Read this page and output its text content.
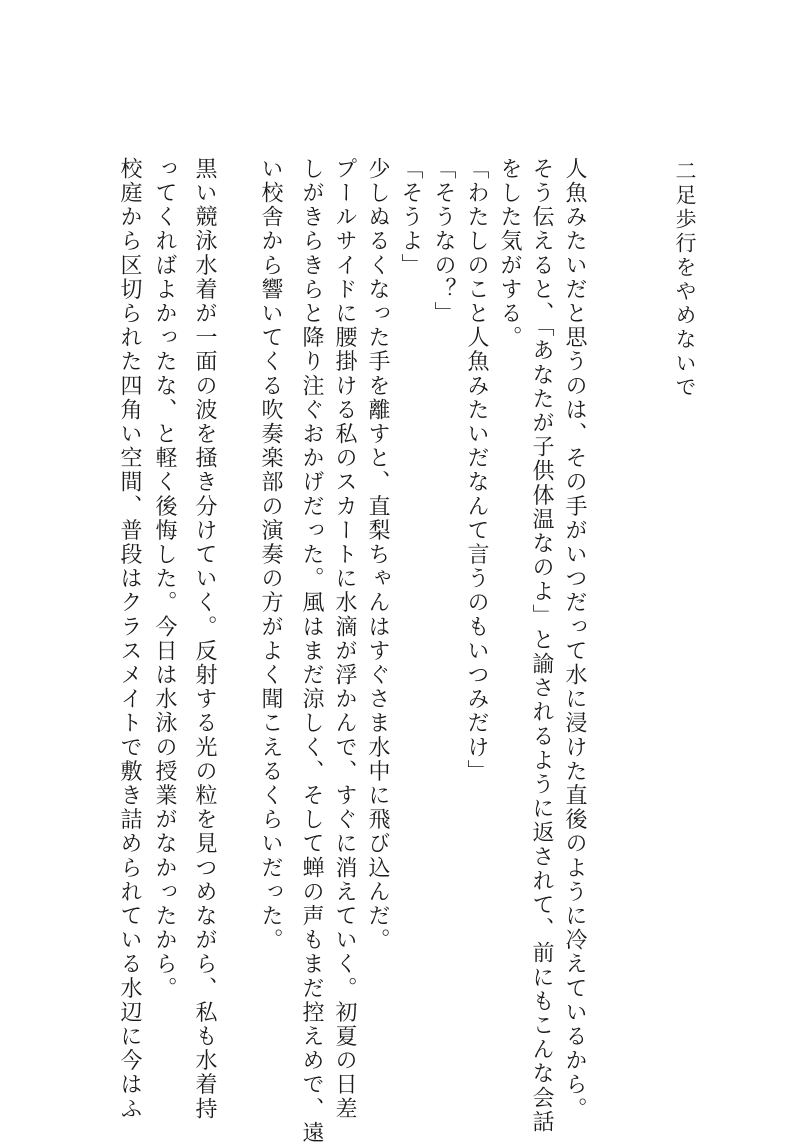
二足歩行をやめないで
人魚みたいだと思うのは、その手がいつだって水に浸けた直後のように冷えているから。
そう伝えると、「あなたが子供体温なのよ」と諭されるように返されて、前にもこんな会話
をした気がする。
「わたしのこと人魚みたいだなんて言うのもいつみだけ」
「そうなの？」
「そうよ」
少しぬるくなった手を離すと、直梨ちゃんはすぐさま水中に飛び込んだ。
プールサイドに腰掛ける私のスカートに水滴が浮かんで、すぐに消えていく。初夏の日差
しがきらきらと降り注ぐおかげだった。風はまだ涼しく、そして蝉の声もまだ控えめで、遠
い校舎から響いてくる吹奏楽部の演奏の方がよく聞こえるくらいだった。
黒い競泳水着が一面の波を掻き分けていく。反射する光の粒を見つめながら、私も水着持
ってくればよかったな、と軽く後悔した。今日は水泳の授業がなかったから。
校庭から区切られた四角い空間、普段はクラスメイトで敷き詰められている水辺に今はふ
